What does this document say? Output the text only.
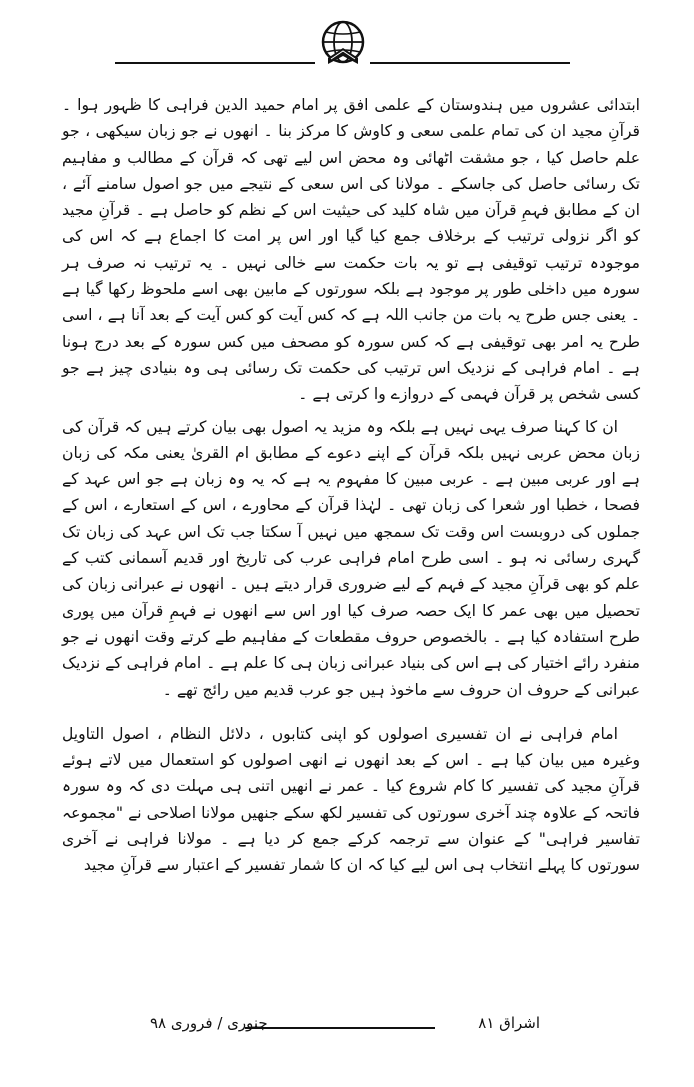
ابتدائی عشروں میں ہندوستان کے علمی افق پر امام حمید الدین فراہی کا ظہور ہوا ۔ قرآنِ مجید ان کی تمام علمی سعی و کاوش کا مرکز بنا ۔ انھوں نے جو زبان سیکھی ، جو علم حاصل کیا ، جو مشقت اٹھائی وہ محض اس لیے تھی کہ قرآن کے مطالب و مفاہیم تک رسائی حاصل کی جاسکے ۔ مولانا کی اس سعی کے نتیجے میں جو اصول سامنے آئے ، ان کے مطابق فہمِ قرآن میں شاہ کلید کی حیثیت اس کے نظم کو حاصل ہے ۔ قرآنِ مجید کو اگر نزولی ترتیب کے برخلاف جمع کیا گیا اور اس پر امت کا اجماع ہے کہ اس کی موجودہ ترتیب توقیفی ہے تو یہ بات حکمت سے خالی نہیں ۔ یہ ترتیب نہ صرف ہر سورہ میں داخلی طور پر موجود ہے بلکہ سورتوں کے مابین بھی اسے ملحوظ رکھا گیا ہے ۔ یعنی جس طرح یہ بات من جانب اللہ ہے کہ کس آیت کو کس آیت کے بعد آنا ہے ، اسی طرح یہ امر بھی توقیفی ہے کہ کس سورہ کو مصحف میں کس سورہ کے بعد درج ہونا ہے ۔ امام فراہی کے نزدیک اس ترتیب کی حکمت تک رسائی ہی وہ بنیادی چیز ہے جو کسی شخص پر قرآن فہمی کے دروازے وا کرتی ہے ۔

ان کا کہنا صرف یہی نہیں ہے بلکہ وہ مزید یہ اصول بھی بیان کرتے ہیں کہ قرآن کی زبان محض عربی نہیں بلکہ قرآن کے اپنے دعوے کے مطابق ام القریٰ یعنی مکہ کی زبان ہے اور عربی مبین ہے ۔ عربی مبین کا مفہوم یہ ہے کہ یہ وہ زبان ہے جو اس عہد کے فصحا ، خطبا اور شعرا کی زبان تھی ۔ لہٰذا قرآن کے محاورے ، اس کے استعارے ، اس کے جملوں کی دروبست اس وقت تک سمجھ میں نہیں آ سکتا جب تک اس عہد کی زبان تک گہری رسائی نہ ہو ۔ اسی طرح امام فراہی عرب کی تاریخ اور قدیم آسمانی کتب کے علم کو بھی قرآنِ مجید کے فہم کے لیے ضروری قرار دیتے ہیں ۔ انھوں نے عبرانی زبان کی تحصیل میں بھی عمر کا ایک حصہ صرف کیا اور اس سے انھوں نے فہمِ قرآن میں پوری طرح استفادہ کیا ہے ۔ بالخصوص حروف مقطعات کے مفاہیم طے کرتے وقت انھوں نے جو منفرد رائے اختیار کی ہے اس کی بنیاد عبرانی زبان ہی کا علم ہے ۔ امام فراہی کے نزدیک عبرانی کے حروف ان حروف سے ماخوذ ہیں جو عرب قدیم میں رائج تھے ۔

امام فراہی نے ان تفسیری اصولوں کو اپنی کتابوں ، دلائل النظام ، اصول التاویل وغیرہ میں بیان کیا ہے ۔ اس کے بعد انھوں نے انھی اصولوں کو استعمال میں لاتے ہوئے قرآنِ مجید کی تفسیر کا کام شروع کیا ۔ عمر نے انھیں اتنی ہی مہلت دی کہ وہ سورہ فاتحہ کے علاوہ چند آخری سورتوں کی تفسیر لکھ سکے جنھیں مولانا اصلاحی نے "مجموعہ تفاسیر فراہی" کے عنوان سے ترجمہ کرکے جمع کر دیا ہے ۔ مولانا فراہی نے آخری سورتوں کا پہلے انتخاب ہی اس لیے کیا کہ ان کا شمار تفسیر کے اعتبار سے قرآنِ مجید

اشراق ۸۱
جنوری / فروری ۹۸
